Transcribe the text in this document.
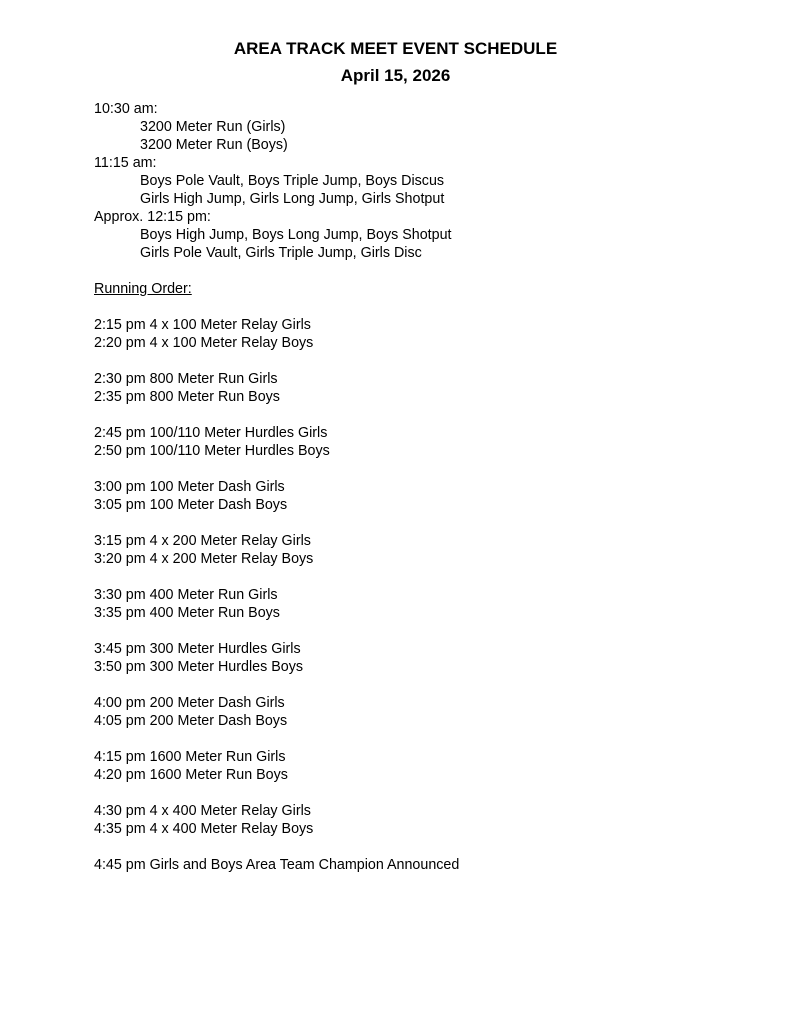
AREA TRACK MEET EVENT SCHEDULE
April 15, 2026
10:30 am:
3200 Meter Run (Girls)
3200 Meter Run (Boys)
11:15 am:
Boys Pole Vault, Boys Triple Jump, Boys Discus
Girls High Jump, Girls Long Jump, Girls Shotput
Approx. 12:15 pm:
Boys High Jump, Boys Long Jump, Boys Shotput
Girls Pole Vault, Girls Triple Jump, Girls Disc
Running Order:
2:15 pm 4 x 100 Meter Relay Girls
2:20 pm 4 x 100 Meter Relay Boys
2:30 pm 800 Meter Run Girls
2:35 pm 800 Meter Run Boys
2:45 pm 100/110 Meter Hurdles Girls
2:50 pm 100/110 Meter Hurdles Boys
3:00 pm 100 Meter Dash Girls
3:05 pm 100 Meter Dash Boys
3:15 pm 4 x 200 Meter Relay Girls
3:20 pm 4 x 200 Meter Relay Boys
3:30 pm 400 Meter Run Girls
3:35 pm 400 Meter Run Boys
3:45 pm 300 Meter Hurdles Girls
3:50 pm 300 Meter Hurdles Boys
4:00 pm 200 Meter Dash Girls
4:05 pm 200 Meter Dash Boys
4:15 pm 1600 Meter Run Girls
4:20 pm 1600 Meter Run Boys
4:30 pm 4 x 400 Meter Relay Girls
4:35 pm 4 x 400 Meter Relay Boys
4:45 pm Girls and Boys Area Team Champion Announced
